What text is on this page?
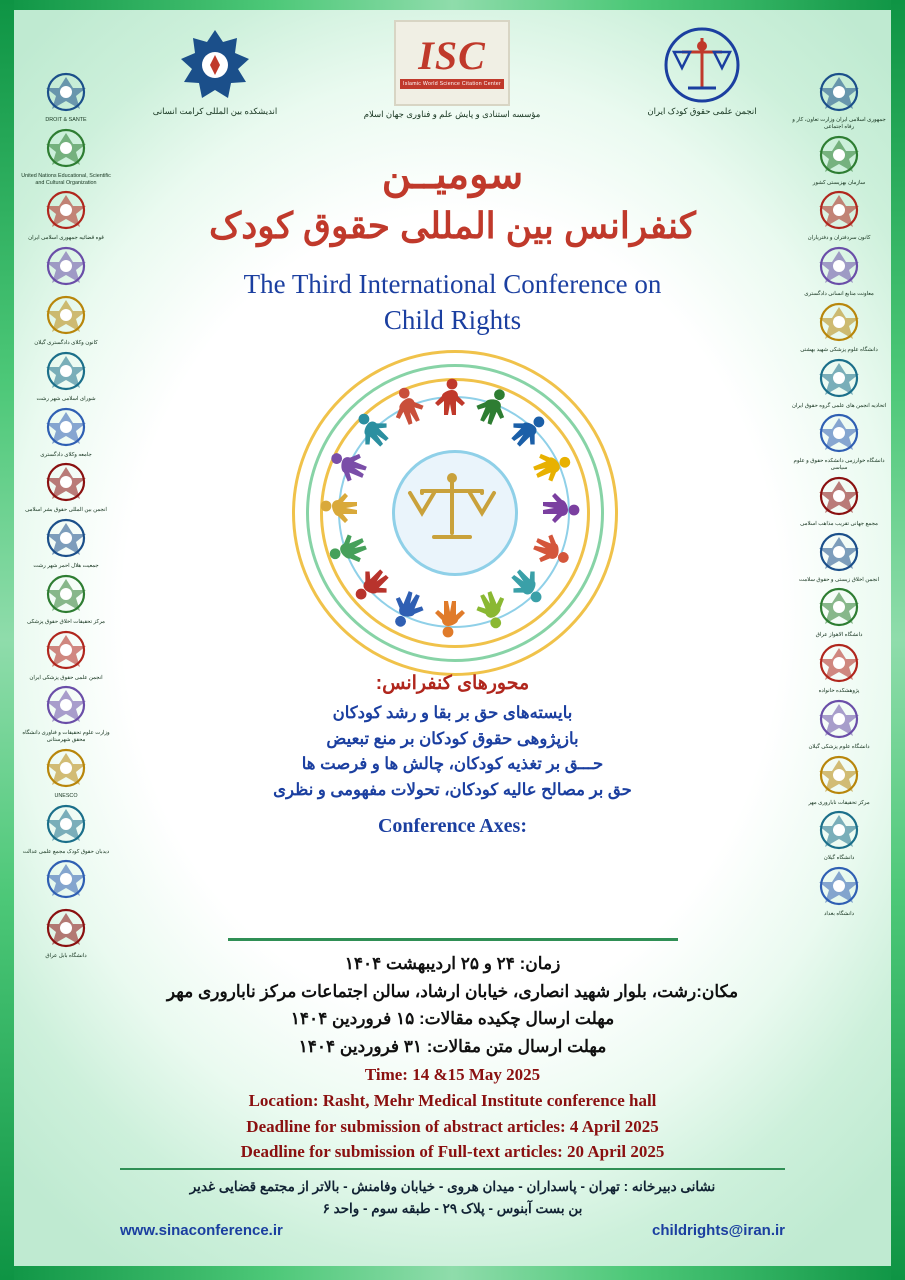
DROIT & SANTE
United Nations Educational, Scientific and Cultural Organization
قوه قضائیه جمهوری اسلامی ایران
کانون وکلای دادگستری گیلان
شورای اسلامی شهر رشت
جامعه وکلای دادگستری
انجمن بین المللی حقوق بشر اسلامی
جمعیت هلال احمر شهر رشت
مرکز تحقیقات اخلاق حقوق پزشکی
انجمن علمی حقوق پزشکی ایران
وزارت علوم تحقیقات و فناوری دانشگاه محقق شهرستانی
UNESCO
دیدبان حقوق کودک مجمع علمی عدالت
دانشگاه بابل عراق
جمهوری اسلامی ایران وزارت تعاون، کار و رفاه اجتماعی
سازمان بهزیستی کشور
کانون سردفتران و دفتریاران
معاونت منابع انسانی دادگستری
دانشگاه علوم پزشکی شهید بهشتی
اتحادیه انجمن های علمی گروه حقوق ایران
دانشگاه خوارزمی دانشکده حقوق و علوم سیاسی
مجمع جهانی تقریب مذاهب اسلامی
انجمن اخلاق زیستی و حقوق سلامت
دانشگاه الاهواز عراق
پژوهشکده خانواده
دانشگاه علوم پزشکی گیلان
مرکز تحقیقات ناباروری مهر
دانشگاه گیلان
دانشگاه بغداد
اندیشکده بین المللی کرامت انسانی
ISC
Islamic World Science Citation Center
مؤسسه استنادی و پایش علم و فناوری جهان اسلام	انجمن علمی حقوق کودک ایران
سومیــن
کنفرانس بین المللی حقوق کودک
The Third International Conference on
Child Rights
محورهای کنفرانس:
بایسته‌های حق بر بقا و رشد کودکان
بازپژوهی حقوق کودکان بر منع تبعیض
حـــق بر تغذیه کودکان، چالش ها و فرصت ها
حق بر مصالح عالیه کودکان، تحولات مفهومی و نظری
Conference Axes:
زمان: ۲۴ و ۲۵ اردیبهشت ۱۴۰۴
مکان:رشت، بلوار شهید انصاری، خیابان ارشاد، سالن اجتماعات مرکز ناباروری مهر
مهلت ارسال چکیده مقالات: ۱۵ فروردین ۱۴۰۴
مهلت ارسال متن مقالات: ۳۱ فروردین ۱۴۰۴
Time: 14 &15 May 2025
Location: Rasht, Mehr Medical Institute conference hall
Deadline for submission of abstract articles: 4 April 2025
Deadline for submission of Full-text articles: 20 April 2025
نشانی دبیرخانه : تهران - پاسداران - میدان هروی - خیابان وفامنش - بالاتر از مجتمع قضایی غدیر
بن بست آبنوس - پلاک ۲۹ - طبقه سوم - واحد ۶
www.sinaconference.ir	childrights@iran.ir
